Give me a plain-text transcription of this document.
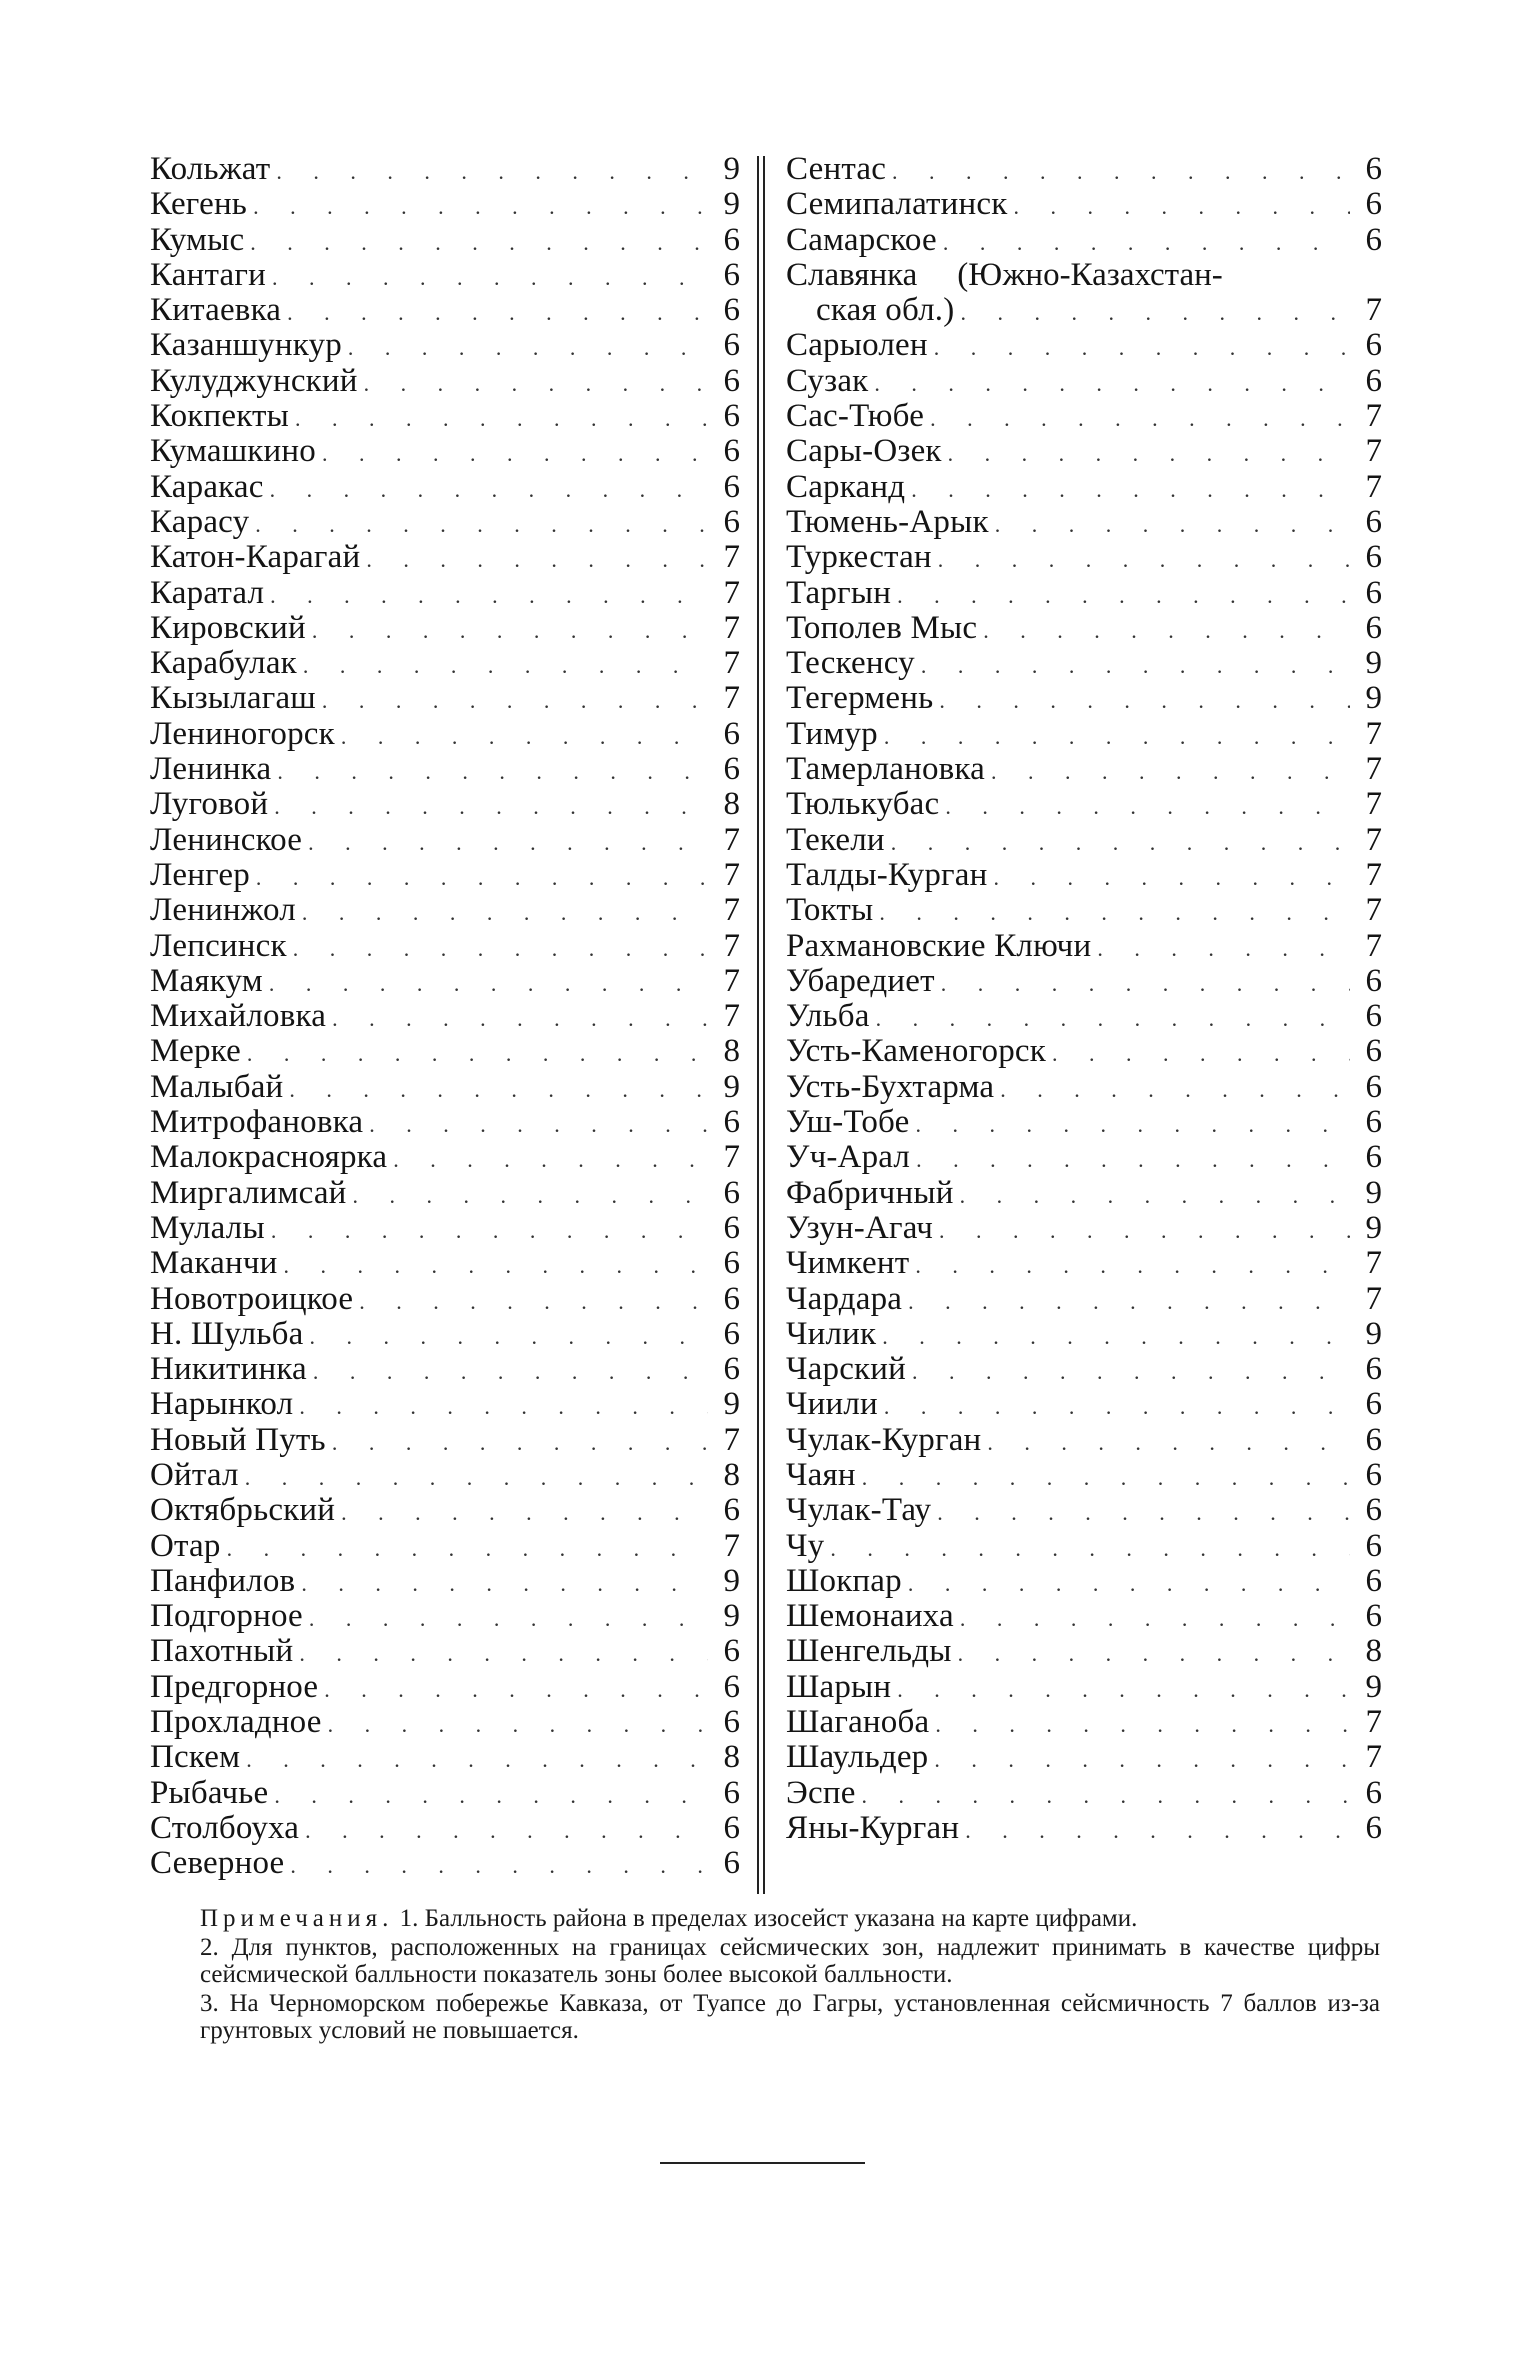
Кольжат . . .	9
Кегень . . .	9
Кумыс . . .	6
Кантаги . . .	6
Китаевка . . .	6
Казаншункур . . .	6
Кулуджунский . . .	6
Кокпекты . . .	6
Кумашкино . . .	6
Каракас . . .	6
Карасу . . .	6
Катон-Карагай . . .	7
Каратал . . .	7
Кировский . . .	7
Карабулак . . .	7
Кызылагаш . . .	7
Лениногорск . . .	6
Ленинка . . .	6
Луговой . . .	8
Ленинское . . .	7
Ленгер . . .	7
Ленинжол . . .	7
Лепсинск . . .	7
Маякум . . .	7
Михайловка . . .	7
Мерке . . .	8
Малыбай . . .	9
Митрофановка . . .	6
Малокрасноярка . . .	7
Миргалимсай . . .	6
Мулалы . . .	6
Маканчи . . .	6
Новотроицкое . . .	6
Н. Шульба . . .	6
Никитинка . . .	6
Нарынкол . . .	9
Новый Путь . . .	7
Ойтал . . .	8
Октябрьский . . .	6
Отар . . .	7
Панфилов . . .	9
Подгорное . . .	9
Пахотный . . .	6
Предгорное . . .	6
Прохладное . . .	6
Пскем . . .	8
Рыбачье . . .	6
Столбоуха . . .	6
Северное . . .	6
Сентас . . .	6
Семипалатинск . . .	6
Самарское . . .	6
Славянка (Южно-Казахстан-
ская обл.) . . .	7
Сарыолен . . .	6
Сузак . . .	6
Сас-Тюбе . . .	7
Сары-Озек . . .	7
Сарканд . . .	7
Тюмень-Арык . . .	6
Туркестан . . .	6
Таргын . . .	6
Тополев Мыс . . .	6
Тескенсу . . .	9
Тегермень . . .	9
Тимур . . .	7
Тамерлановка . . .	7
Тюлькубас . . .	7
Текели . . .	7
Талды-Курган . . .	7
Токты . . .	7
Рахмановские Ключи . . .	7
Убаредиет . . .	6
Ульба . . .	6
Усть-Каменогорск . . .	6
Усть-Бухтарма . . .	6
Уш-Тобе . . .	6
Уч-Арал . . .	6
Фабричный . . .	9
Узун-Агач . . .	9
Чимкент . . .	7
Чардара . . .	7
Чилик . . .	9
Чарский . . .	6
Чиили . . .	6
Чулак-Курган . . .	6
Чаян . . .	6
Чулак-Тау . . .	6
Чу . . .	6
Шокпар . . .	6
Шемонаиха . . .	6
Шенгельды . . .	8
Шарын . . .	9
Шаганоба . . .	7
Шаульдер . . .	7
Эспе . . .	6
Яны-Курган . . .	6

Примечания. 1. Балльность района в пределах изосейст указана на карте цифрами.

2. Для пунктов, расположенных на границах сейсмических зон, надлежит принимать в качестве цифры сейсмической балльности показатель зоны более высокой балльности.

3. На Черноморском побережье Кавказа, от Туапсе до Гагры, установленная сейсмичность 7 баллов из-за грунтовых условий не повышается.
